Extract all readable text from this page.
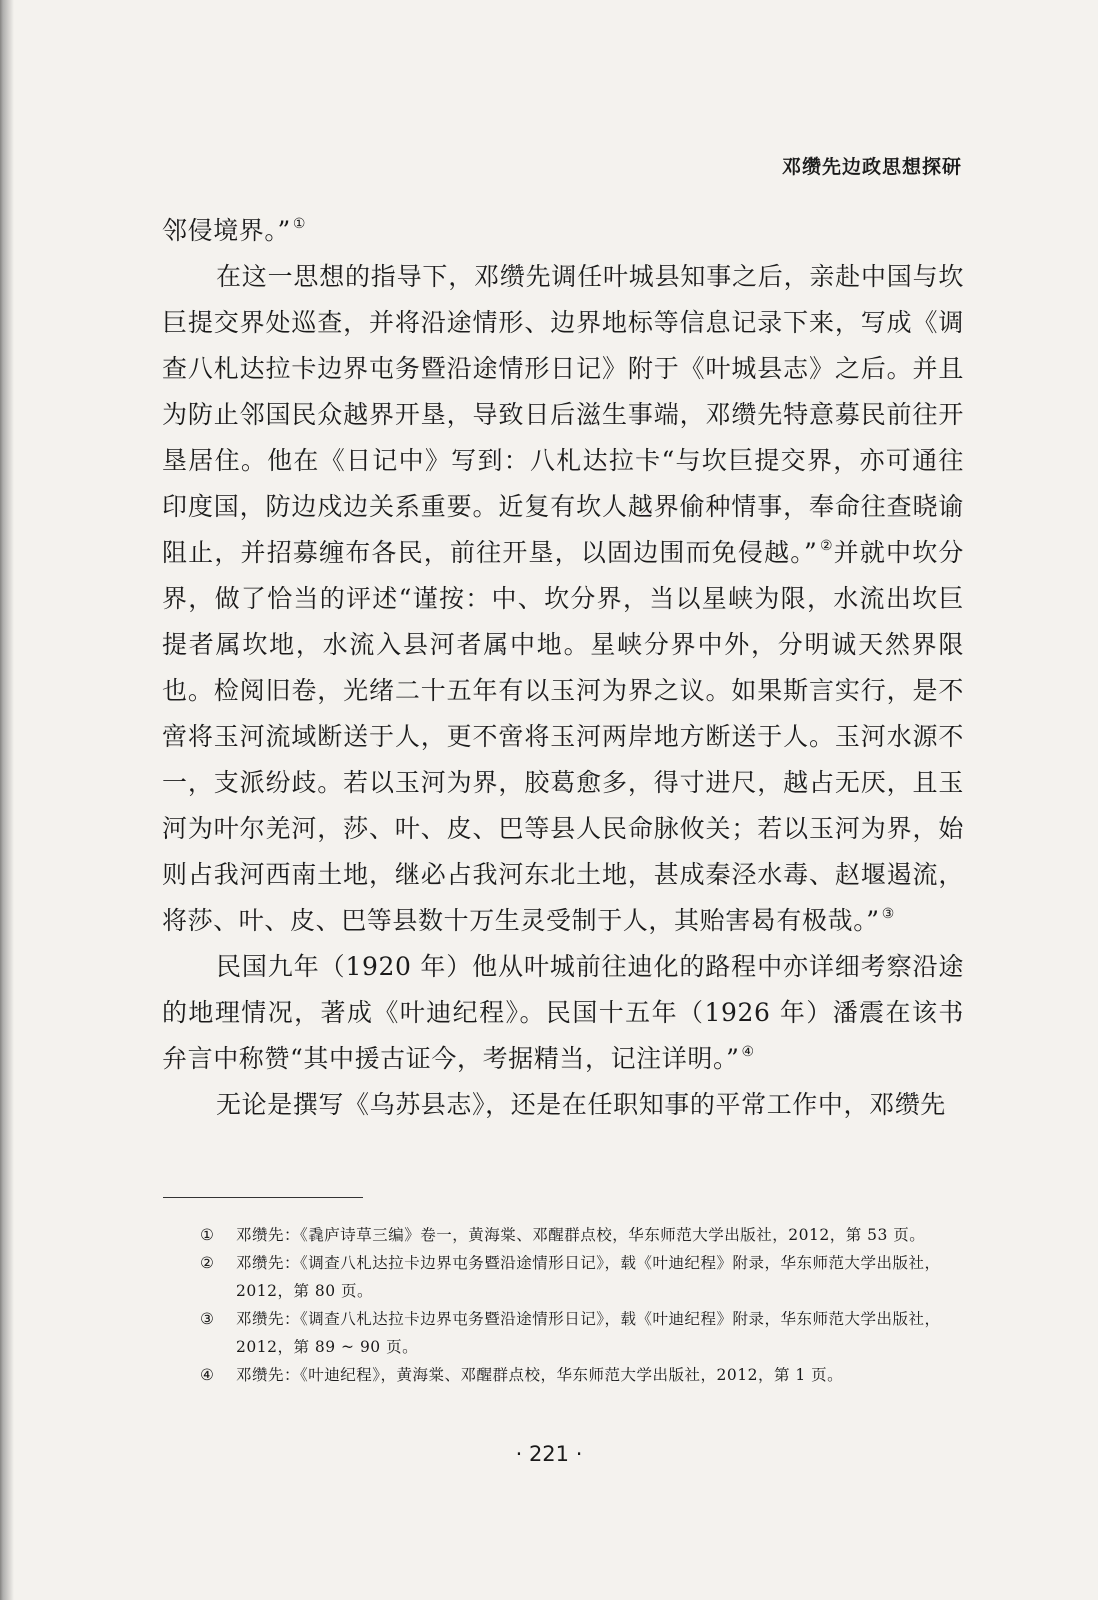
邓缵先边政思想探研

邻侵境界。” ①

在这一思想的指导下，邓缵先调任叶城县知事之后，亲赴中国与坎巨提交界处巡查，并将沿途情形、边界地标等信息记录下来，写成《调查八札达拉卡边界屯务暨沿途情形日记》附于《叶城县志》之后。并且为防止邻国民众越界开垦，导致日后滋生事端，邓缵先特意募民前往开垦居住。他在《日记中》写到：八札达拉卡“与坎巨提交界，亦可通往印度国，防边戍边关系重要。近复有坎人越界偷种情事，奉命往查晓谕阻止，并招募缠布各民，前往开垦，以固边围而免侵越。” ②并就中坎分界，做了恰当的评述“谨按：中、坎分界，当以星峡为限，水流出坎巨提者属坎地，水流入县河者属中地。星峡分界中外，分明诚天然界限也。检阅旧卷，光绪二十五年有以玉河为界之议。如果斯言实行，是不啻将玉河流域断送于人，更不啻将玉河两岸地方断送于人。玉河水源不一，支派纷歧。若以玉河为界，胶葛愈多，得寸进尺，越占无厌，且玉河为叶尔羌河，莎、叶、皮、巴等县人民命脉攸关；若以玉河为界，始则占我河西南土地，继必占我河东北土地，甚成秦泾水毒、赵堰遏流，将莎、叶、皮、巴等县数十万生灵受制于人，其贻害曷有极哉。” ③

民国九年（1920 年）他从叶城前往迪化的路程中亦详细考察沿途的地理情况，著成《叶迪纪程》。民国十五年（1926 年）潘震在该书弁言中称赞“其中援古证今，考据精当，记注详明。” ④

无论是撰写《乌苏县志》，还是在任职知事的平常工作中，邓缵先

① 邓缵先：《毳庐诗草三编》卷一，黄海棠、邓醒群点校，华东师范大学出版社，2012，第 53 页。
② 邓缵先：《调查八札达拉卡边界屯务暨沿途情形日记》，载《叶迪纪程》附录，华东师范大学出版社，2012，第 80 页。
③ 邓缵先：《调查八札达拉卡边界屯务暨沿途情形日记》，载《叶迪纪程》附录，华东师范大学出版社，2012，第 89 ~ 90 页。
④ 邓缵先：《叶迪纪程》，黄海棠、邓醒群点校，华东师范大学出版社，2012，第 1 页。
· 221 ·
